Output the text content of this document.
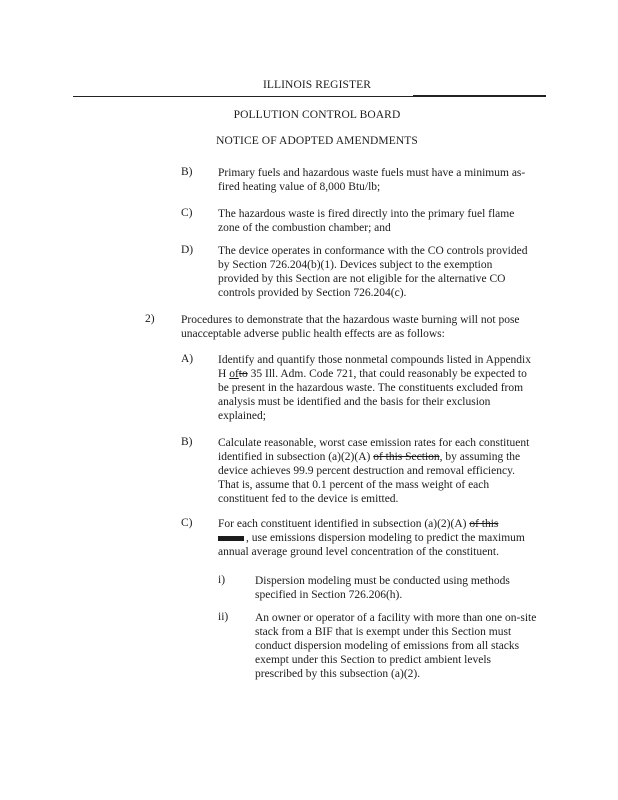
ILLINOIS REGISTER
POLLUTION CONTROL BOARD
NOTICE OF ADOPTED AMENDMENTS
B) Primary fuels and hazardous waste fuels must have a minimum as-
fired heating value of 8,000 Btu/lb;
C) The hazardous waste is fired directly into the primary fuel flame
zone of the combustion chamber; and
D) The device operates in conformance with the CO controls provided
by Section 726.204(b)(1). Devices subject to the exemption
provided by this Section are not eligible for the alternative CO
controls provided by Section 726.204(c).
2) Procedures to demonstrate that the hazardous waste burning will not pose
unacceptable adverse public health effects are as follows:
A) Identify and quantify those nonmetal compounds listed in Appendix
H ofto 35 Ill. Adm. Code 721, that could reasonably be expected to
be present in the hazardous waste. The constituents excluded from
analysis must be identified and the basis for their exclusion
explained;
B) Calculate reasonable, worst case emission rates for each constituent
identified in subsection (a)(2)(A) of this Section, by assuming the
device achieves 99.9 percent destruction and removal efficiency.
That is, assume that 0.1 percent of the mass weight of each
constituent fed to the device is emitted.
C) For each constituent identified in subsection (a)(2)(A) of this
, use emissions dispersion modeling to predict the maximum
annual average ground level concentration of the constituent.
i)	Dispersion modeling must be conducted using methods
specified in Section 726.206(h).
ii) An owner or operator of a facility with more than one on-site
stack from a BIF that is exempt under this Section must
conduct dispersion modeling of emissions from all stacks
exempt under this Section to predict ambient levels
prescribed by this subsection (a)(2).
